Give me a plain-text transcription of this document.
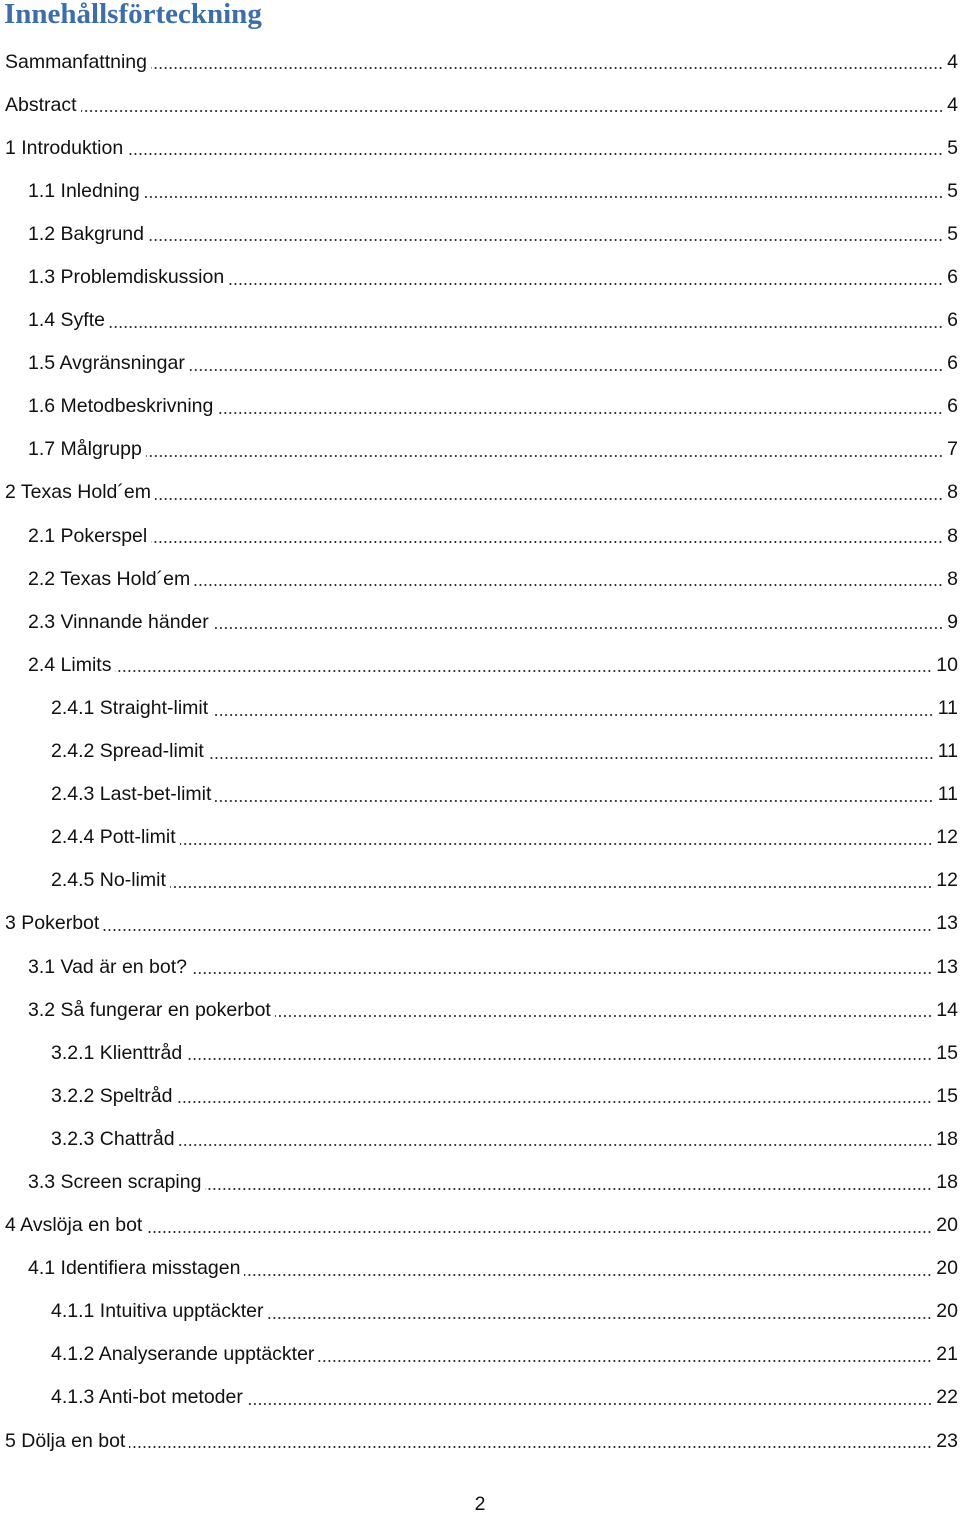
Innehållsförteckning
Sammanfattning	4
Abstract	4
1 Introduktion	5
1.1 Inledning	5
1.2 Bakgrund	5
1.3 Problemdiskussion	6
1.4 Syfte	6
1.5 Avgränsningar	6
1.6 Metodbeskrivning	6
1.7 Målgrupp	7
2 Texas Hold´em	8
2.1 Pokerspel	8
2.2 Texas Hold´em	8
2.3 Vinnande händer	9
2.4 Limits	10
2.4.1 Straight-limit	11
2.4.2 Spread-limit	11
2.4.3 Last-bet-limit	11
2.4.4 Pott-limit	12
2.4.5 No-limit	12
3 Pokerbot	13
3.1 Vad är en bot?	13
3.2 Så fungerar en pokerbot	14
3.2.1 Klienttråd	15
3.2.2 Speltråd	15
3.2.3 Chattråd	18
3.3 Screen scraping	18
4 Avslöja en bot	20
4.1 Identifiera misstagen	20
4.1.1 Intuitiva upptäckter	20
4.1.2 Analyserande upptäckter	21
4.1.3 Anti-bot metoder	22
5 Dölja en bot	23
2
